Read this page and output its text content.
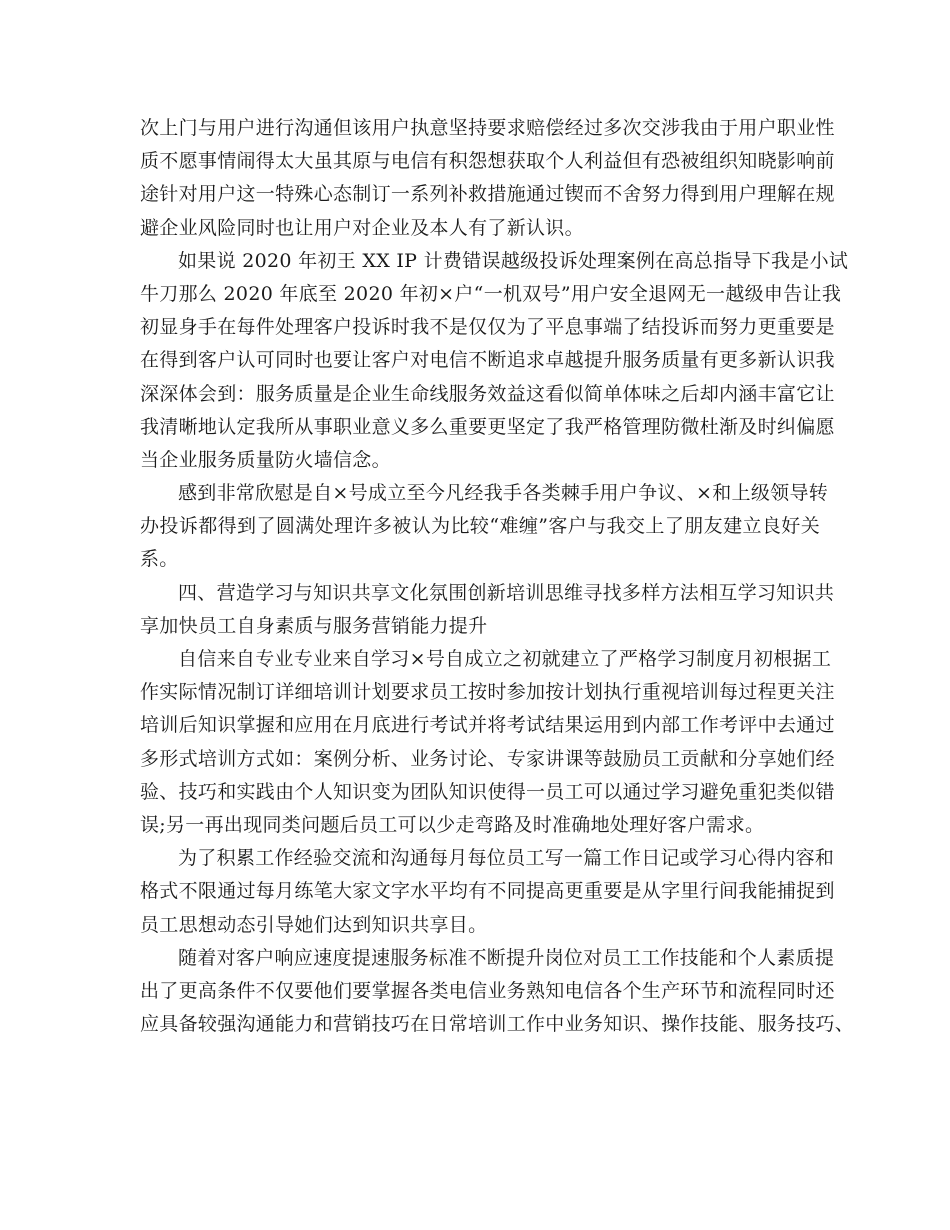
次上门与用户进行沟通但该用户执意坚持要求赔偿经过多次交涉我由于用户职业性
质不愿事情闹得太大虽其原与电信有积怨想获取个人利益但有恐被组织知晓影响前
途针对用户这一特殊心态制订一系列补救措施通过锲而不舍努力得到用户理解在规
避企业风险同时也让用户对企业及本人有了新认识。
如果说 2020 年初王 XX IP 计费错误越级投诉处理案例在高总指导下我是小试
牛刀那么 2020 年底至 2020 年初×户“一机双号”用户安全退网无一越级申告让我
初显身手在每件处理客户投诉时我不是仅仅为了平息事端了结投诉而努力更重要是
在得到客户认可同时也要让客户对电信不断追求卓越提升服务质量有更多新认识我
深深体会到：服务质量是企业生命线服务效益这看似简单体味之后却内涵丰富它让
我清晰地认定我所从事职业意义多么重要更坚定了我严格管理防微杜渐及时纠偏愿
当企业服务质量防火墙信念。
感到非常欣慰是自×号成立至今凡经我手各类棘手用户争议、×和上级领导转
办投诉都得到了圆满处理许多被认为比较“难缠”客户与我交上了朋友建立良好关
系。
四、营造学习与知识共享文化氛围创新培训思维寻找多样方法相互学习知识共
享加快员工自身素质与服务营销能力提升
自信来自专业专业来自学习×号自成立之初就建立了严格学习制度月初根据工
作实际情况制订详细培训计划要求员工按时参加按计划执行重视培训每过程更关注
培训后知识掌握和应用在月底进行考试并将考试结果运用到内部工作考评中去通过
多形式培训方式如：案例分析、业务讨论、专家讲课等鼓励员工贡献和分享她们经
验、技巧和实践由个人知识变为团队知识使得一员工可以通过学习避免重犯类似错
误;另一再出现同类问题后员工可以少走弯路及时准确地处理好客户需求。
为了积累工作经验交流和沟通每月每位员工写一篇工作日记或学习心得内容和
格式不限通过每月练笔大家文字水平均有不同提高更重要是从字里行间我能捕捉到
员工思想动态引导她们达到知识共享目。
随着对客户响应速度提速服务标准不断提升岗位对员工工作技能和个人素质提
出了更高条件不仅要他们要掌握各类电信业务熟知电信各个生产环节和流程同时还
应具备较强沟通能力和营销技巧在日常培训工作中业务知识、操作技能、服务技巧、
